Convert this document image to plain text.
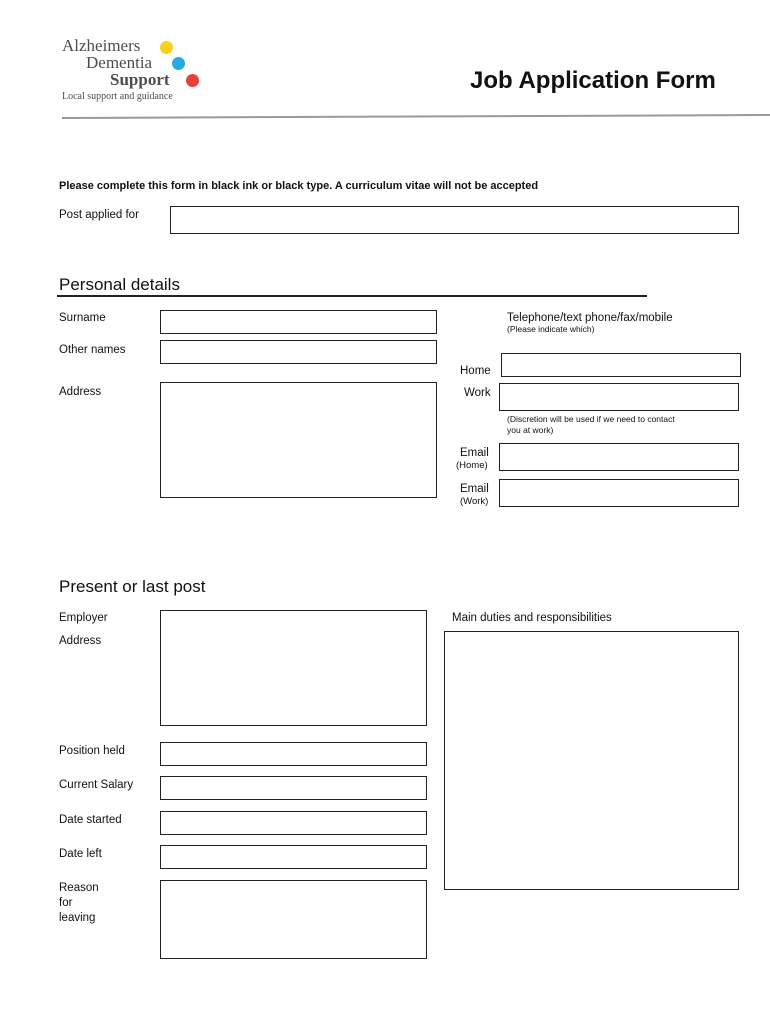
Alzheimers
Dementia
Support
Local support and guidance
Job Application Form
Please complete this form in black ink or black type. A curriculum vitae will not be accepted
Post applied for
Personal details
Surname
Other names
Address
Telephone/text phone/fax/mobile
(Please indicate which)
Home
Work
(Discretion will be used if we need to contact
you at work)
Email
(Home)
Email
(Work)
Present or last post
Employer
Address
Main duties and responsibilities
Position held
Current Salary
Date started
Date left
Reason
for
leaving
